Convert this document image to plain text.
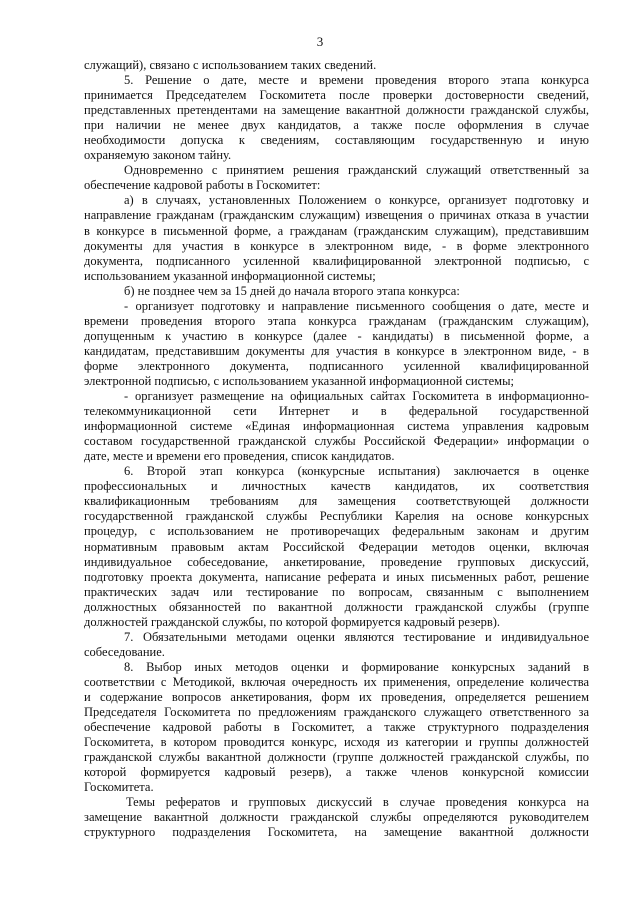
3
служащий), связано с использованием таких сведений.
5. Решение о дате, месте и времени проведения второго этапа конкурса
принимается Председателем Госкомитета после проверки достоверности сведений,
представленных претендентами на замещение вакантной должности гражданской службы,
при наличии не менее двух кандидатов, а также после оформления в случае
необходимости допуска к сведениям, составляющим государственную и иную
охраняемую законом тайну.
Одновременно с принятием решения гражданский служащий ответственный за
обеспечение кадровой работы в Госкомитет:
а) в случаях, установленных Положением о конкурсе, организует подготовку и
направление гражданам (гражданским служащим) извещения о причинах отказа в участии
в конкурсе в письменной форме, а гражданам (гражданским служащим), представившим
документы для участия в конкурсе в электронном виде, - в форме электронного
документа, подписанного усиленной квалифицированной электронной подписью, с
использованием указанной информационной системы;
б) не позднее чем за 15 дней до начала второго этапа конкурса:
- организует подготовку и направление письменного сообщения о дате, месте и
времени проведения второго этапа конкурса гражданам (гражданским служащим),
допущенным к участию в конкурсе (далее - кандидаты) в письменной форме, а
кандидатам, представившим документы для участия в конкурсе в электронном виде, - в
форме электронного документа, подписанного усиленной квалифицированной
электронной подписью, с использованием указанной информационной системы;
- организует размещение на официальных сайтах Госкомитета в информационно-
телекоммуникационной сети Интернет и в федеральной государственной
информационной системе «Единая информационная система управления кадровым
составом государственной гражданской службы Российской Федерации» информации о
дате, месте и времени его проведения, список кандидатов.
6. Второй этап конкурса (конкурсные испытания) заключается в оценке
профессиональных и личностных качеств кандидатов, их соответствия
квалификационным требованиям для замещения соответствующей должности
государственной гражданской службы Республики Карелия на основе конкурсных
процедур, с использованием не противоречащих федеральным законам и другим
нормативным правовым актам Российской Федерации методов оценки, включая
индивидуальное собеседование, анкетирование, проведение групповых дискуссий,
подготовку проекта документа, написание реферата и иных письменных работ, решение
практических задач или тестирование по вопросам, связанным с выполнением
должностных обязанностей по вакантной должности гражданской службы (группе
должностей гражданской службы, по которой формируется кадровый резерв).
7. Обязательными методами оценки являются тестирование и индивидуальное
собеседование.
8. Выбор иных методов оценки и формирование конкурсных заданий в
соответствии с Методикой, включая очередность их применения, определение количества
и содержание вопросов анкетирования, форм их проведения, определяется решением
Председателя Госкомитета по предложениям гражданского служащего ответственного за
обеспечение кадровой работы в Госкомитет, а также структурного подразделения
Госкомитета, в котором проводится конкурс, исходя из категории и группы должностей
гражданской службы вакантной должности (группе должностей гражданской службы, по
которой формируется кадровый резерв), а также членов конкурсной комиссии
Госкомитета.
Темы рефератов и групповых дискуссий в случае проведения конкурса на
замещение вакантной должности гражданской службы определяются руководителем
структурного подразделения Госкомитета, на замещение вакантной должности
